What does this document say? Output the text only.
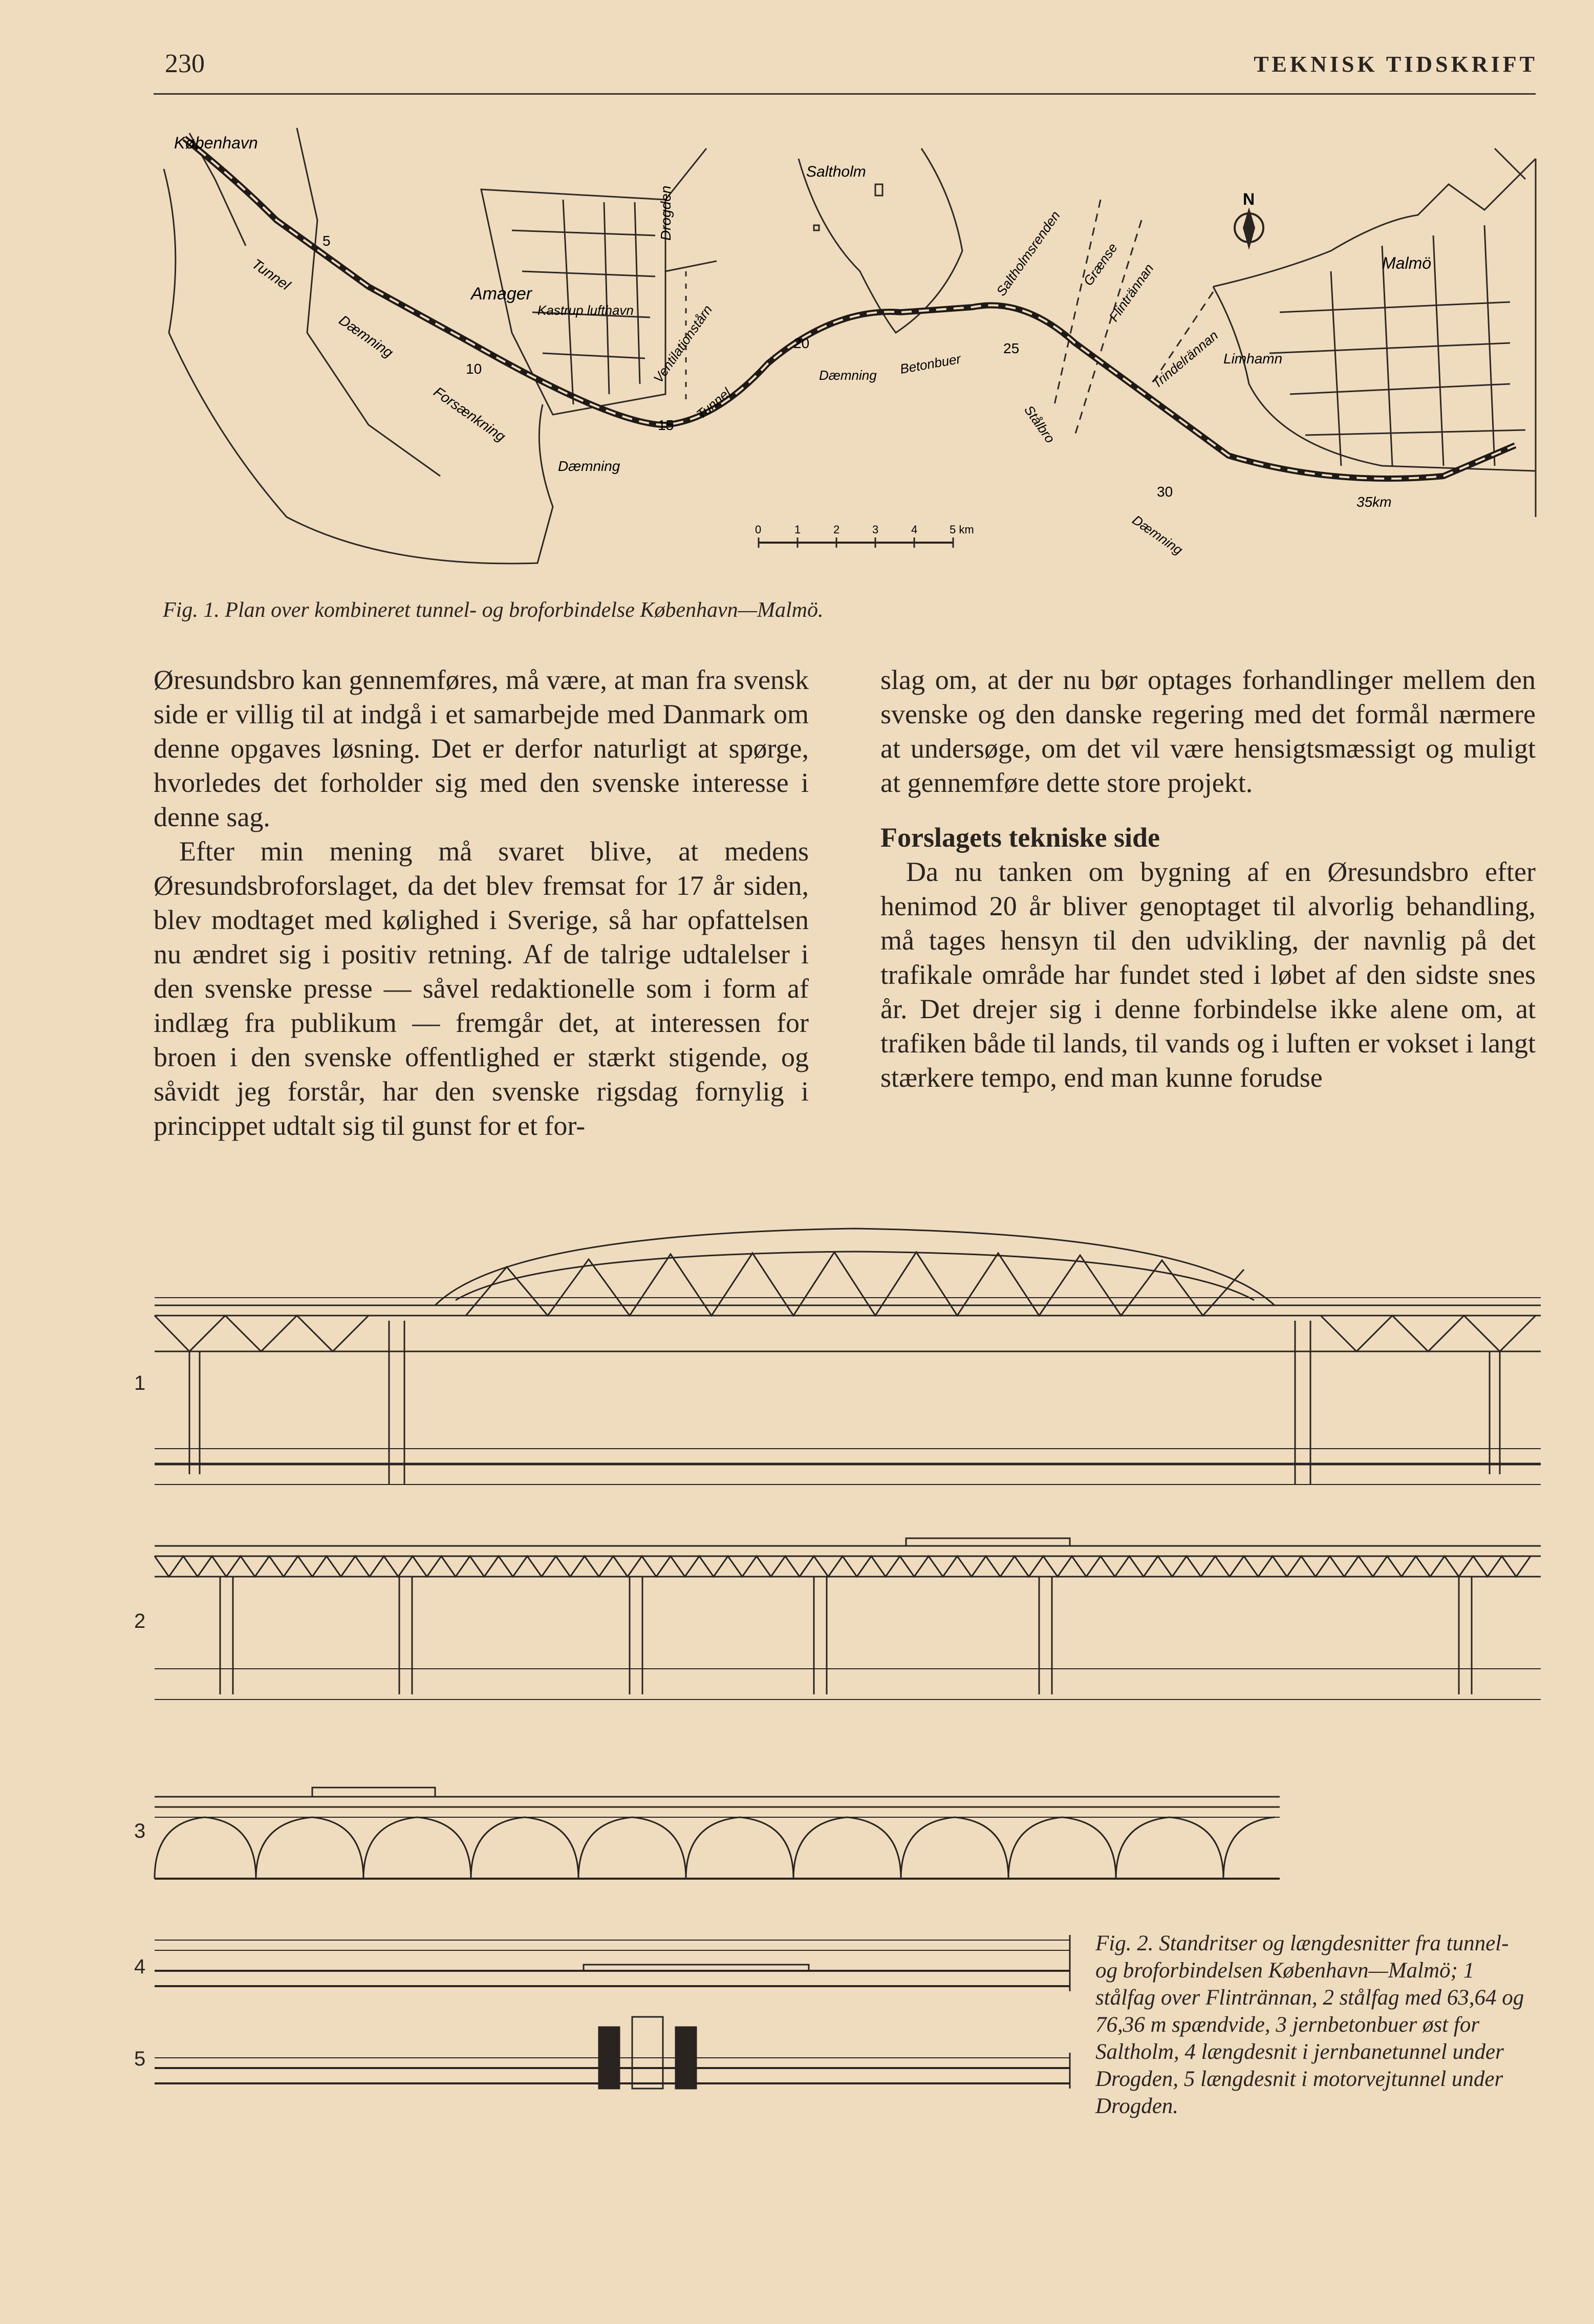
230	TEKNISK TIDSKRIFT
N
København
Tunnel
Dæmning
Amager
Kastrup lufthavn
Forsænkning
Drogden
Ventilationstårn
Tunnel
Dæmning
Saltholm
Dæmning Betonbuer
Saltholmsrenden Grænse
Flintrännan
Stålbro
Trindelrännan Limhamn
Malmö
Dæmning
5
10
15
20	25
30
35km
0	1	2	3	4	5 km
Fig. 1. Plan over kombineret tunnel- og broforbindelse København—Malmö.

Øresundsbro kan gennemføres, må være, at man fra svensk side er villig til at indgå i et samarbejde med Danmark om denne opgaves løsning. Det er derfor naturligt at spørge, hvorledes det forholder sig med den svenske interesse i denne sag.

Efter min mening må svaret blive, at medens Øresundsbroforslaget, da det blev fremsat for 17 år siden, blev modtaget med kølighed i Sverige, så har opfattelsen nu ændret sig i positiv retning. Af de talrige udtalelser i den svenske presse — såvel redaktionelle som i form af indlæg fra publikum — fremgår det, at interessen for broen i den svenske offentlighed er stærkt stigende, og såvidt jeg forstår, har den svenske rigsdag fornylig i princippet udtalt sig til gunst for et for-

slag om, at der nu bør optages forhandlinger mellem den svenske og den danske regering med det formål nærmere at undersøge, om det vil være hensigtsmæssigt og muligt at gennemføre dette store projekt.

Forslagets tekniske side

Da nu tanken om bygning af en Øresundsbro efter henimod 20 år bliver genoptaget til alvorlig behandling, må tages hensyn til den udvikling, der navnlig på det trafikale område har fundet sted i løbet af den sidste snes år. Det drejer sig i denne forbindelse ikke alene om, at trafiken både til lands, til vands og i luften er vokset i langt stærkere tempo, end man kunne forudse

1
2
3
4
5
Fig. 2. Standritser og længdesnitter fra tunnel- og broforbindelsen København—Malmö; 1 stålfag over Flintrännan, 2 stålfag med 63,64 og 76,36 m spændvide, 3 jernbetonbuer øst for Saltholm, 4 længdesnit i jernbanetunnel under Drogden, 5 længdesnit i motorvejtunnel under Drogden.
